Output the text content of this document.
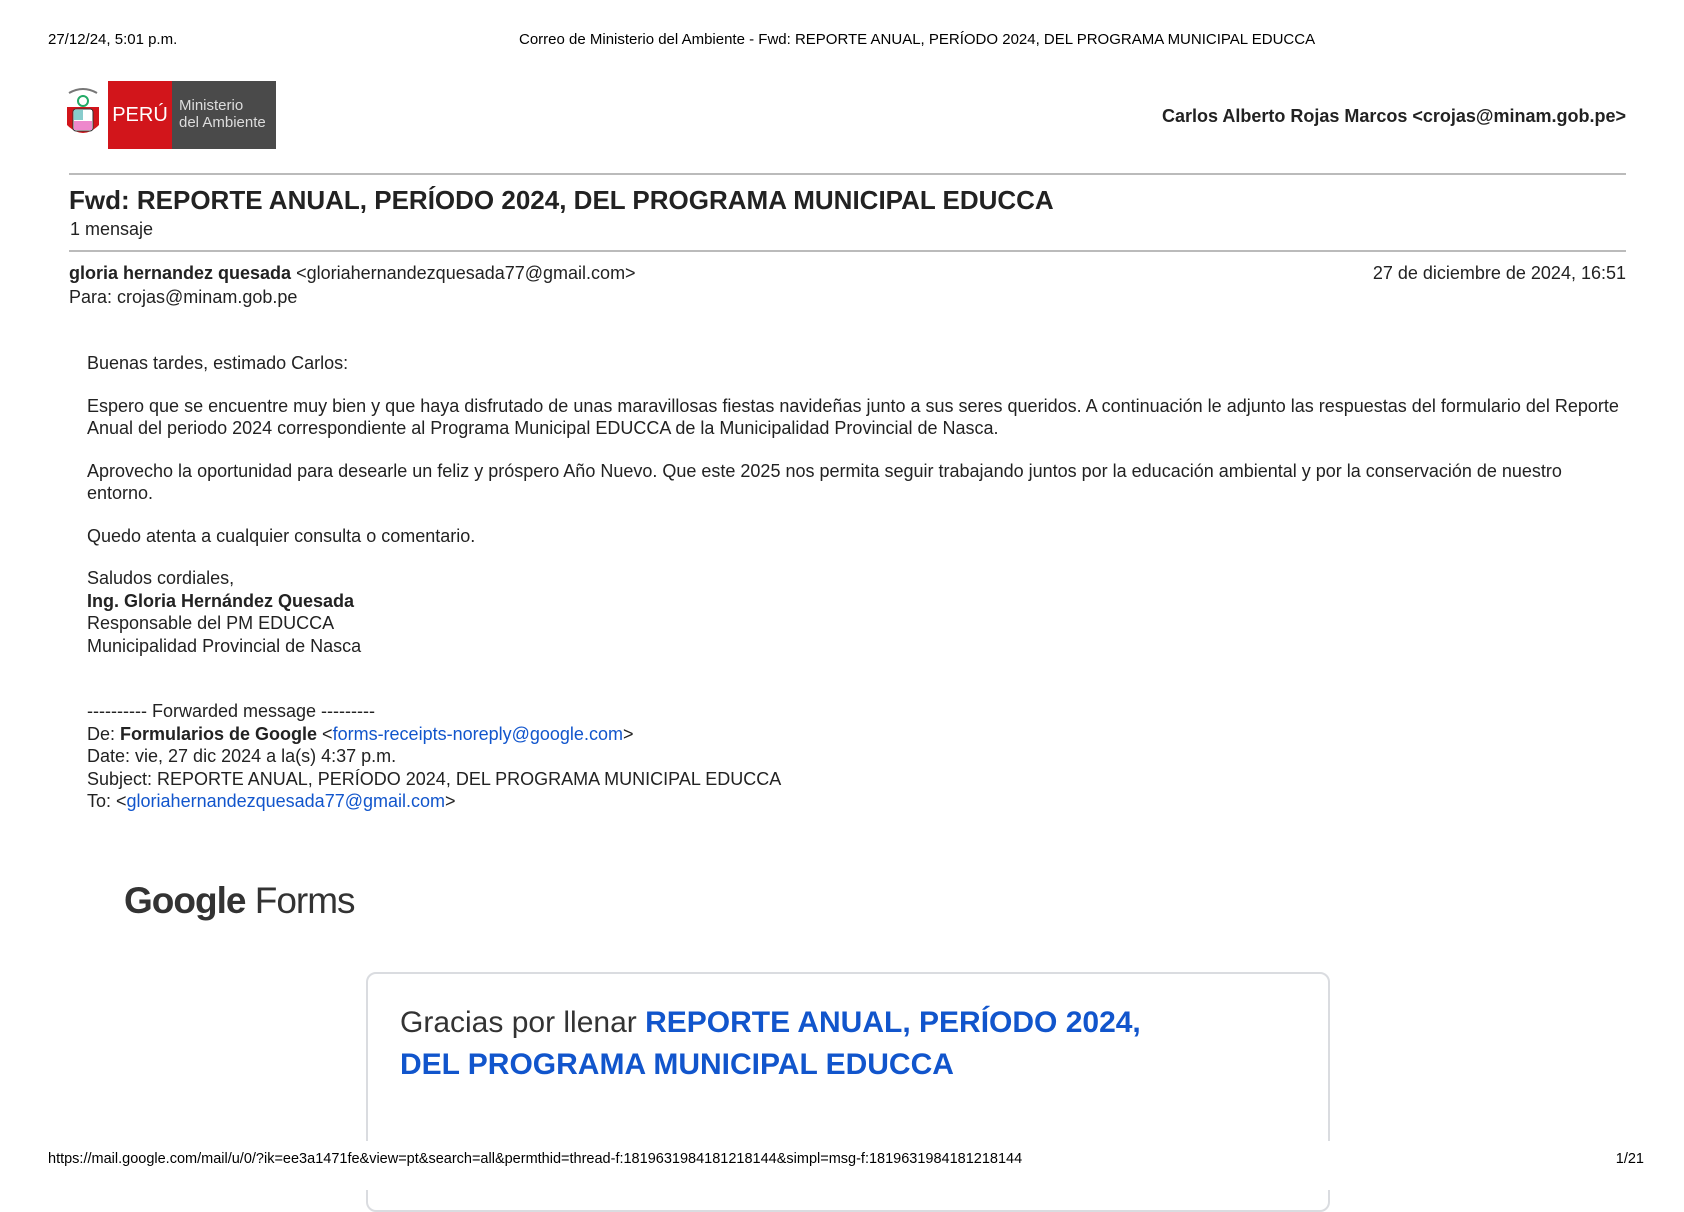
27/12/24, 5:01 p.m.	Correo de Ministerio del Ambiente - Fwd: REPORTE ANUAL, PERÍODO 2024, DEL PROGRAMA MUNICIPAL EDUCCA
PERÚ Ministerio
del Ambiente	Carlos Alberto Rojas Marcos <crojas@minam.gob.pe>
Fwd: REPORTE ANUAL, PERÍODO 2024, DEL PROGRAMA MUNICIPAL EDUCCA
1 mensaje
gloria hernandez quesada <gloriahernandezquesada77@gmail.com>	27 de diciembre de 2024, 16:51
Para: crojas@minam.gob.pe
Buenas tardes, estimado Carlos:
Espero que se encuentre muy bien y que haya disfrutado de unas maravillosas fiestas navideñas junto a sus seres queridos. A continuación le adjunto las respuestas del formulario del Reporte Anual del periodo 2024 correspondiente al Programa Municipal EDUCCA de la Municipalidad Provincial de Nasca.
Aprovecho la oportunidad para desearle un feliz y próspero Año Nuevo. Que este 2025 nos permita seguir trabajando juntos por la educación ambiental y por la conservación de nuestro entorno.
Quedo atenta a cualquier consulta o comentario.
Saludos cordiales,
Ing. Gloria Hernández Quesada
Responsable del PM EDUCCA
Municipalidad Provincial de Nasca
---------- Forwarded message ---------
De: Formularios de Google <forms-receipts-noreply@google.com>
Date: vie, 27 dic 2024 a la(s) 4:37 p.m.
Subject: REPORTE ANUAL, PERÍODO 2024, DEL PROGRAMA MUNICIPAL EDUCCA
To: <gloriahernandezquesada77@gmail.com>
Google Forms
Gracias por llenar REPORTE ANUAL, PERÍODO 2024, DEL PROGRAMA MUNICIPAL EDUCCA
https://mail.google.com/mail/u/0/?ik=ee3a1471fe&view=pt&search=all&permthid=thread-f:1819631984181218144&simpl=msg-f:1819631984181218144	1/21
